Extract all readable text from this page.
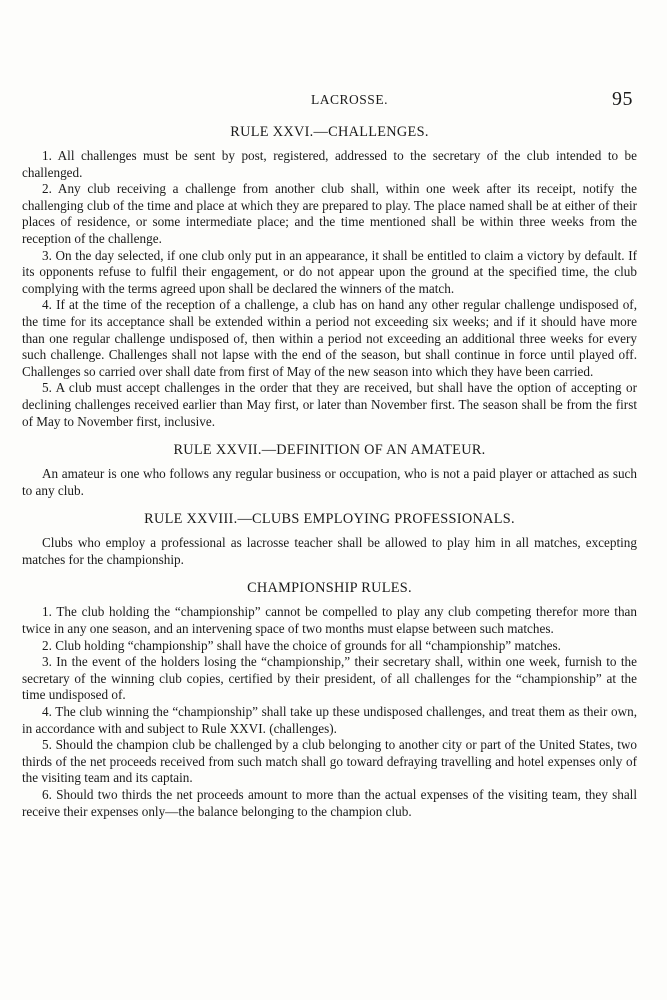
LACROSSE.	95
RULE XXVI.—CHALLENGES.

1. All challenges must be sent by post, registered, addressed to the secretary of the club intended to be challenged.

2. Any club receiving a challenge from another club shall, within one week after its receipt, notify the challenging club of the time and place at which they are prepared to play. The place named shall be at either of their places of residence, or some intermediate place; and the time mentioned shall be within three weeks from the reception of the challenge.

3. On the day selected, if one club only put in an appearance, it shall be entitled to claim a victory by default. If its opponents refuse to fulfil their engagement, or do not appear upon the ground at the specified time, the club complying with the terms agreed upon shall be declared the winners of the match.

4. If at the time of the reception of a challenge, a club has on hand any other regular challenge undisposed of, the time for its acceptance shall be extended within a period not exceeding six weeks; and if it should have more than one regular challenge undisposed of, then within a period not exceeding an additional three weeks for every such challenge. Challenges shall not lapse with the end of the season, but shall continue in force until played off. Challenges so carried over shall date from first of May of the new season into which they have been carried.

5. A club must accept challenges in the order that they are received, but shall have the option of accepting or declining challenges received earlier than May first, or later than November first. The season shall be from the first of May to November first, inclusive.

RULE XXVII.—DEFINITION OF AN AMATEUR.

An amateur is one who follows any regular business or occupation, who is not a paid player or attached as such to any club.

RULE XXVIII.—CLUBS EMPLOYING PROFESSIONALS.

Clubs who employ a professional as lacrosse teacher shall be allowed to play him in all matches, excepting matches for the championship.

CHAMPIONSHIP RULES.

1. The club holding the “championship” cannot be compelled to play any club competing therefor more than twice in any one season, and an intervening space of two months must elapse between such matches.

2. Club holding “championship” shall have the choice of grounds for all “championship” matches.

3. In the event of the holders losing the “championship,” their secretary shall, within one week, furnish to the secretary of the winning club copies, certified by their president, of all challenges for the “championship” at the time undisposed of.

4. The club winning the “championship” shall take up these undisposed challenges, and treat them as their own, in accordance with and subject to Rule XXVI. (challenges).

5. Should the champion club be challenged by a club belonging to another city or part of the United States, two thirds of the net proceeds received from such match shall go toward defraying travelling and hotel expenses only of the visiting team and its captain.

6. Should two thirds the net proceeds amount to more than the actual expenses of the visiting team, they shall receive their expenses only—the balance belonging to the champion club.
